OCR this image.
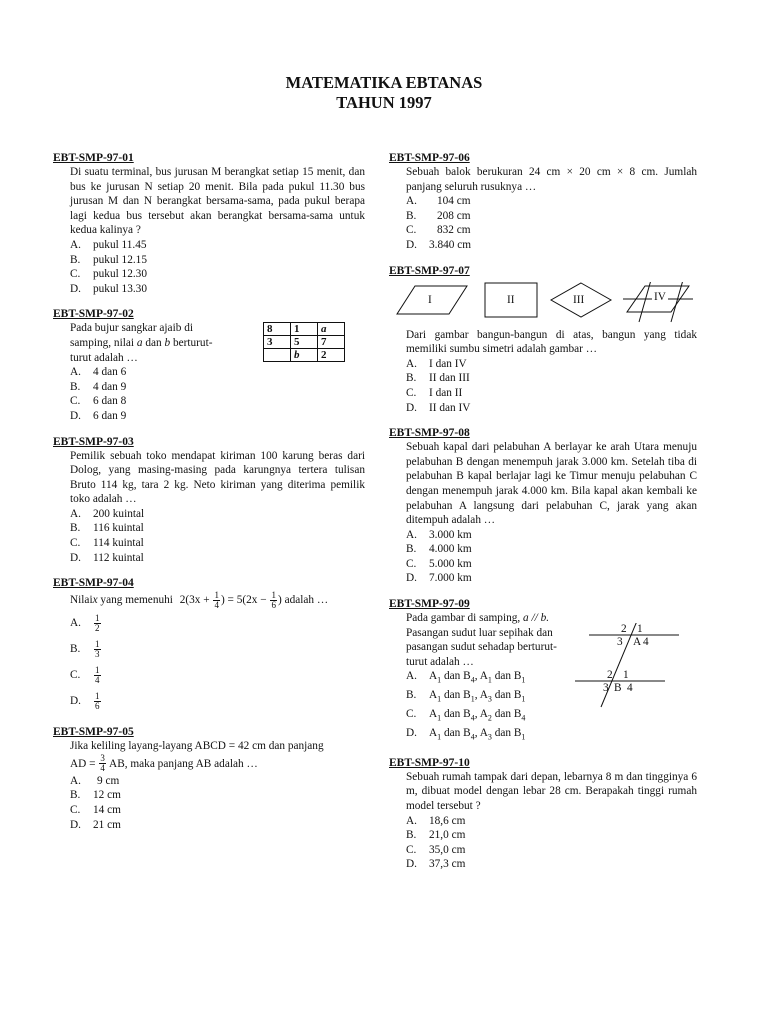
MATEMATIKA EBTANAS
TAHUN 1997
EBT-SMP-97-01
Di suatu terminal, bus jurusan M berangkat setiap 15 menit, dan bus ke jurusan N setiap 20 menit. Bila pada pukul 11.30 bus jurusan M dan N berangkat bersama-sama, pada pukul berapa lagi kedua bus tersebut akan berangkat bersama-sama untuk kedua kalinya ?
A.	pukul 11.45
B.	pukul 12.15
C.	pukul 12.30
D.	pukul 13.30
EBT-SMP-97-02
8	1	a
3	5	7
	b	2
Pada bujur sangkar ajaib di samping, nilai a dan b berturut-turut adalah …
A.	4 dan 6
B.	4 dan 9
C.	6 dan 8
D.	6 dan 9
EBT-SMP-97-03
Pemilik sebuah toko mendapat kiriman 100 karung beras dari Dolog, yang masing-masing pada karungnya tertera tulisan Bruto 114 kg, tara 2 kg. Neto kiriman yang diterima pemilik toko adalah …
A.	200 kuintal
B.	116 kuintal
C.	114 kuintal
D.	112 kuintal
EBT-SMP-97-04
Nilai x yang memenuhi $2(3x + \frac{1}{4}$ ) = $5(2x - \frac{1}{6}$ ) adalah …
A.	$\frac{1}{2}$
B.	$\frac{1}{3}$
C.	$\frac{1}{4}$
D.	$\frac{1}{6}$
EBT-SMP-97-05
Jika keliling layang-layang ABCD = 42 cm dan panjang
AD = $\frac{3}{4}$ AB, maka panjang AB adalah …
A.	9 cm
B.	12 cm
C.	14 cm
D.	21 cm
EBT-SMP-97-06
Sebuah balok berukuran 24 cm × 20 cm × 8 cm. Jumlah panjang seluruh rusuknya …
A.	104 cm
B.	208 cm
C.	832 cm
D.	3.840 cm
EBT-SMP-97-07
I	II	III	IV
Dari gambar bangun-bangun di atas, bangun yang tidak memiliki sumbu simetri adalah gambar …
A.	I dan IV
B.	II dan III
C.	I dan II
D.	II dan IV
EBT-SMP-97-08
Sebuah kapal dari pelabuhan A berlayar ke arah Utara menuju pelabuhan B dengan menempuh jarak 3.000 km. Setelah tiba di pelabuhan B kapal berlajar lagi ke Timur menuju pelabuhan C dengan menempuh jarak 4.000 km. Bila kapal akan kembali ke pelabuhan A langsung dari pelabuhan C, jarak yang akan ditempuh adalah …
A.	3.000 km
B.	4.000 km
C.	5.000 km
D.	7.000 km
EBT-SMP-97-09
2 1
3 A 4
2 1
3 B 4
Pada gambar di samping, a // b.
Pasangan sudut luar sepihak dan pasangan sudut sehadap berturut-turut adalah …
A.	$A_1$ dan $B_4$, $A_1$ dan $B_1$
B.	$A_1$ dan $B_1$, $A_3$ dan $B_1$
C.	$A_1$ dan $B_4$, $A_2$ dan $B_4$
D.	$A_1$ dan $B_4$, $A_3$ dan $B_1$
EBT-SMP-97-10
Sebuah rumah tampak dari depan, lebarnya 8 m dan tingginya 6 m, dibuat model dengan lebar 28 cm. Berapakah tinggi rumah model tersebut ?
A.	18,6 cm
B.	21,0 cm
C.	35,0 cm
D.	37,3 cm
